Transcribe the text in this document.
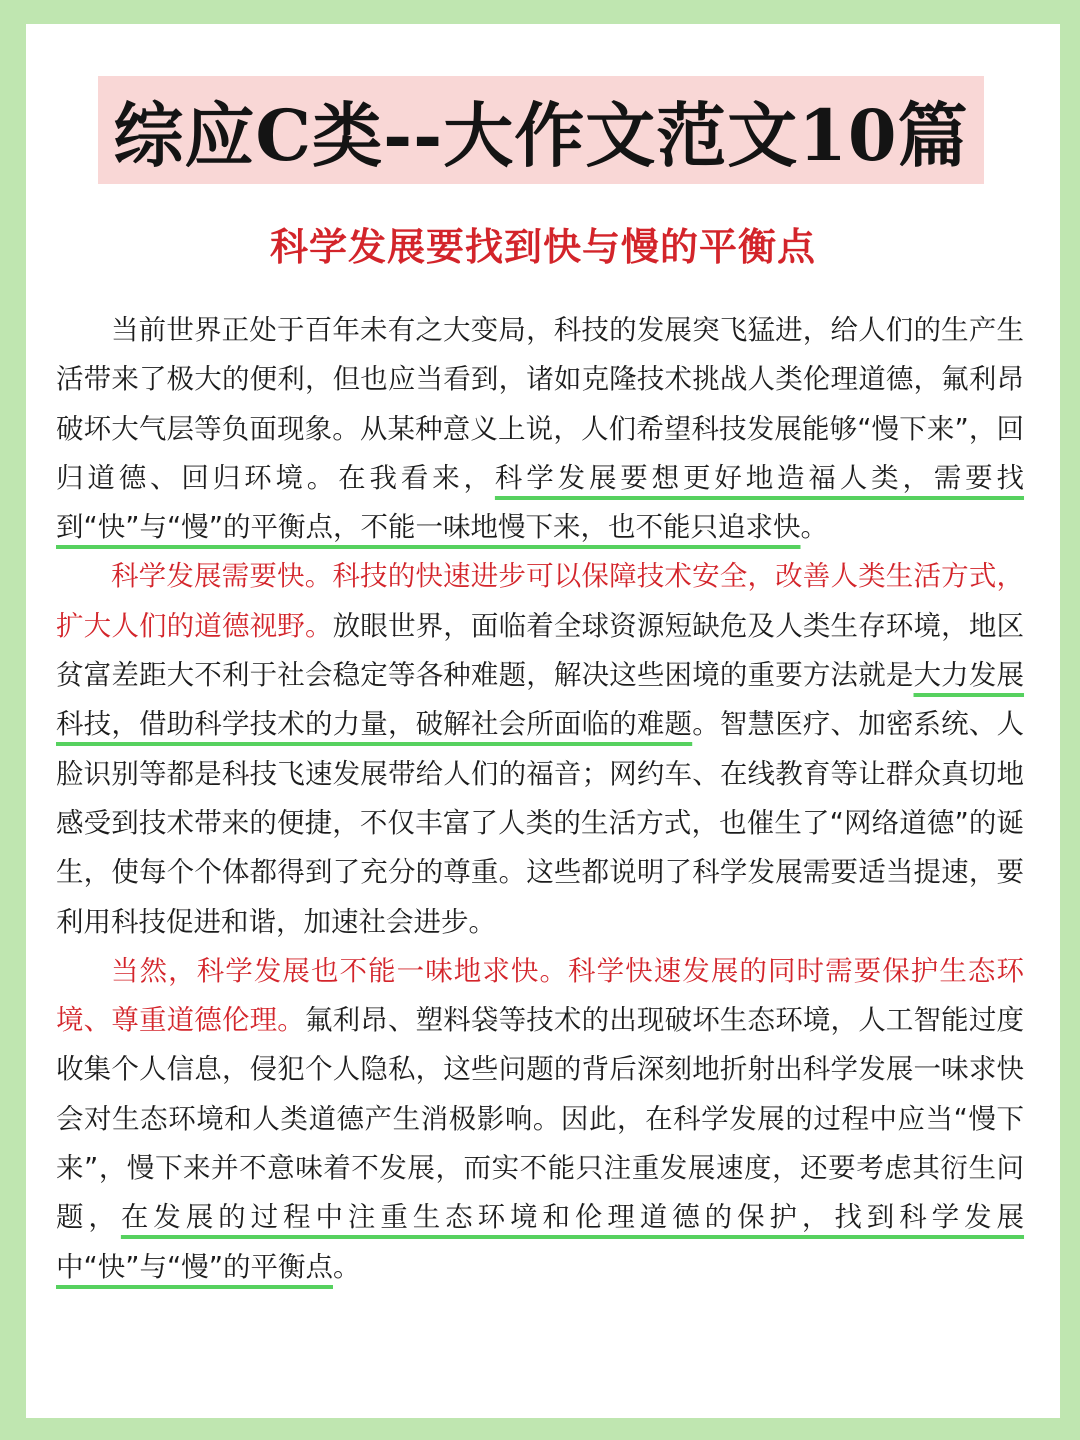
综应C类--大作文范文10篇
科学发展要找到快与慢的平衡点

当前世界正处于百年未有之大变局，科技的发展突飞猛进，给人们的生产生活带来了极大的便利，但也应当看到，诸如克隆技术挑战人类伦理道德，氟利昂破坏大气层等负面现象。从某种意义上说，人们希望科技发展能够“慢下来”，回归道德、回归环境。在我看来，科学发展要想更好地造福人类，需要找到“快”与“慢”的平衡点，不能一味地慢下来，也不能只追求快。

科学发展需要快。科技的快速进步可以保障技术安全，改善人类生活方式，扩大人们的道德视野。放眼世界，面临着全球资源短缺危及人类生存环境，地区贫富差距大不利于社会稳定等各种难题，解决这些困境的重要方法就是大力发展科技，借助科学技术的力量，破解社会所面临的难题。智慧医疗、加密系统、人脸识别等都是科技飞速发展带给人们的福音；网约车、在线教育等让群众真切地感受到技术带来的便捷，不仅丰富了人类的生活方式，也催生了“网络道德”的诞生，使每个个体都得到了充分的尊重。这些都说明了科学发展需要适当提速，要利用科技促进和谐，加速社会进步。

当然，科学发展也不能一味地求快。科学快速发展的同时需要保护生态环境、尊重道德伦理。氟利昂、塑料袋等技术的出现破坏生态环境，人工智能过度收集个人信息，侵犯个人隐私，这些问题的背后深刻地折射出科学发展一味求快会对生态环境和人类道德产生消极影响。因此，在科学发展的过程中应当“慢下来”，慢下来并不意味着不发展，而实不能只注重发展速度，还要考虑其衍生问题，在发展的过程中注重生态环境和伦理道德的保护，找到科学发展中“快”与“慢”的平衡点。
